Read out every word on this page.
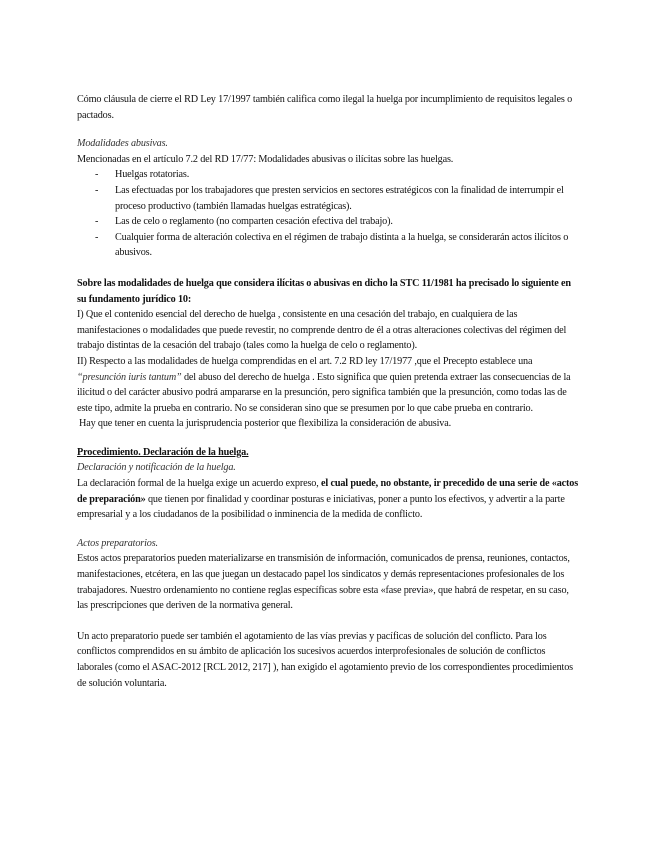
Cómo cláusula de cierre el RD Ley 17/1997 también califica como ilegal la huelga por incumplimiento de requisitos legales o pactados.

Modalidades abusivas.

Mencionadas en el artículo 7.2 del RD 17/77: Modalidades abusivas o ilícitas sobre las huelgas.

- Huelgas rotatorias.
- Las efectuadas por los trabajadores que presten servicios en sectores estratégicos con la finalidad de interrumpir el proceso productivo (también llamadas huelgas estratégicas).
- Las de celo o reglamento (no comparten cesación efectiva del trabajo).
- Cualquier forma de alteración colectiva en el régimen de trabajo distinta a la huelga, se considerarán actos ilícitos o abusivos.

Sobre las modalidades de huelga que considera ilícitas o abusivas en dicho la STC 11/1981 ha precisado lo siguiente en su fundamento jurídico 10:

I) Que el contenido esencial del derecho de huelga , consistente en una cesación del trabajo, en cualquiera de las manifestaciones o modalidades que puede revestir, no comprende dentro de él a otras alteraciones colectivas del régimen del trabajo distintas de la cesación del trabajo (tales como la huelga de celo o reglamento).

II) Respecto a las modalidades de huelga comprendidas en el art. 7.2 RD ley 17/1977 ,que el Precepto establece una “presunción iuris tantum” del abuso del derecho de huelga . Esto significa que quien pretenda extraer las consecuencias de la ilicitud o del carácter abusivo podrá ampararse en la presunción, pero significa también que la presunción, como todas las de este tipo, admite la prueba en contrario. No se consideran sino que se presumen por lo que cabe prueba en contrario.

Hay que tener en cuenta la jurisprudencia posterior que flexibiliza la consideración de abusiva.

Procedimiento. Declaración de la huelga.

Declaración y notificación de la huelga.

La declaración formal de la huelga exige un acuerdo expreso, el cual puede, no obstante, ir precedido de una serie de «actos de preparación» que tienen por finalidad y coordinar posturas e iniciativas, poner a punto los efectivos, y advertir a la parte empresarial y a los ciudadanos de la posibilidad o inminencia de la medida de conflicto.

Actos preparatorios.

Estos actos preparatorios pueden materializarse en transmisión de información, comunicados de prensa, reuniones, contactos, manifestaciones, etcétera, en las que juegan un destacado papel los sindicatos y demás representaciones profesionales de los trabajadores. Nuestro ordenamiento no contiene reglas específicas sobre esta «fase previa», que habrá de respetar, en su caso, las prescripciones que deriven de la normativa general.

Un acto preparatorio puede ser también el agotamiento de las vías previas y pacíficas de solución del conflicto. Para los conflictos comprendidos en su ámbito de aplicación los sucesivos acuerdos interprofesionales de solución de conflictos laborales (como el ASAC-2012 [RCL 2012, 217] ), han exigido el agotamiento previo de los correspondientes procedimientos de solución voluntaria.
